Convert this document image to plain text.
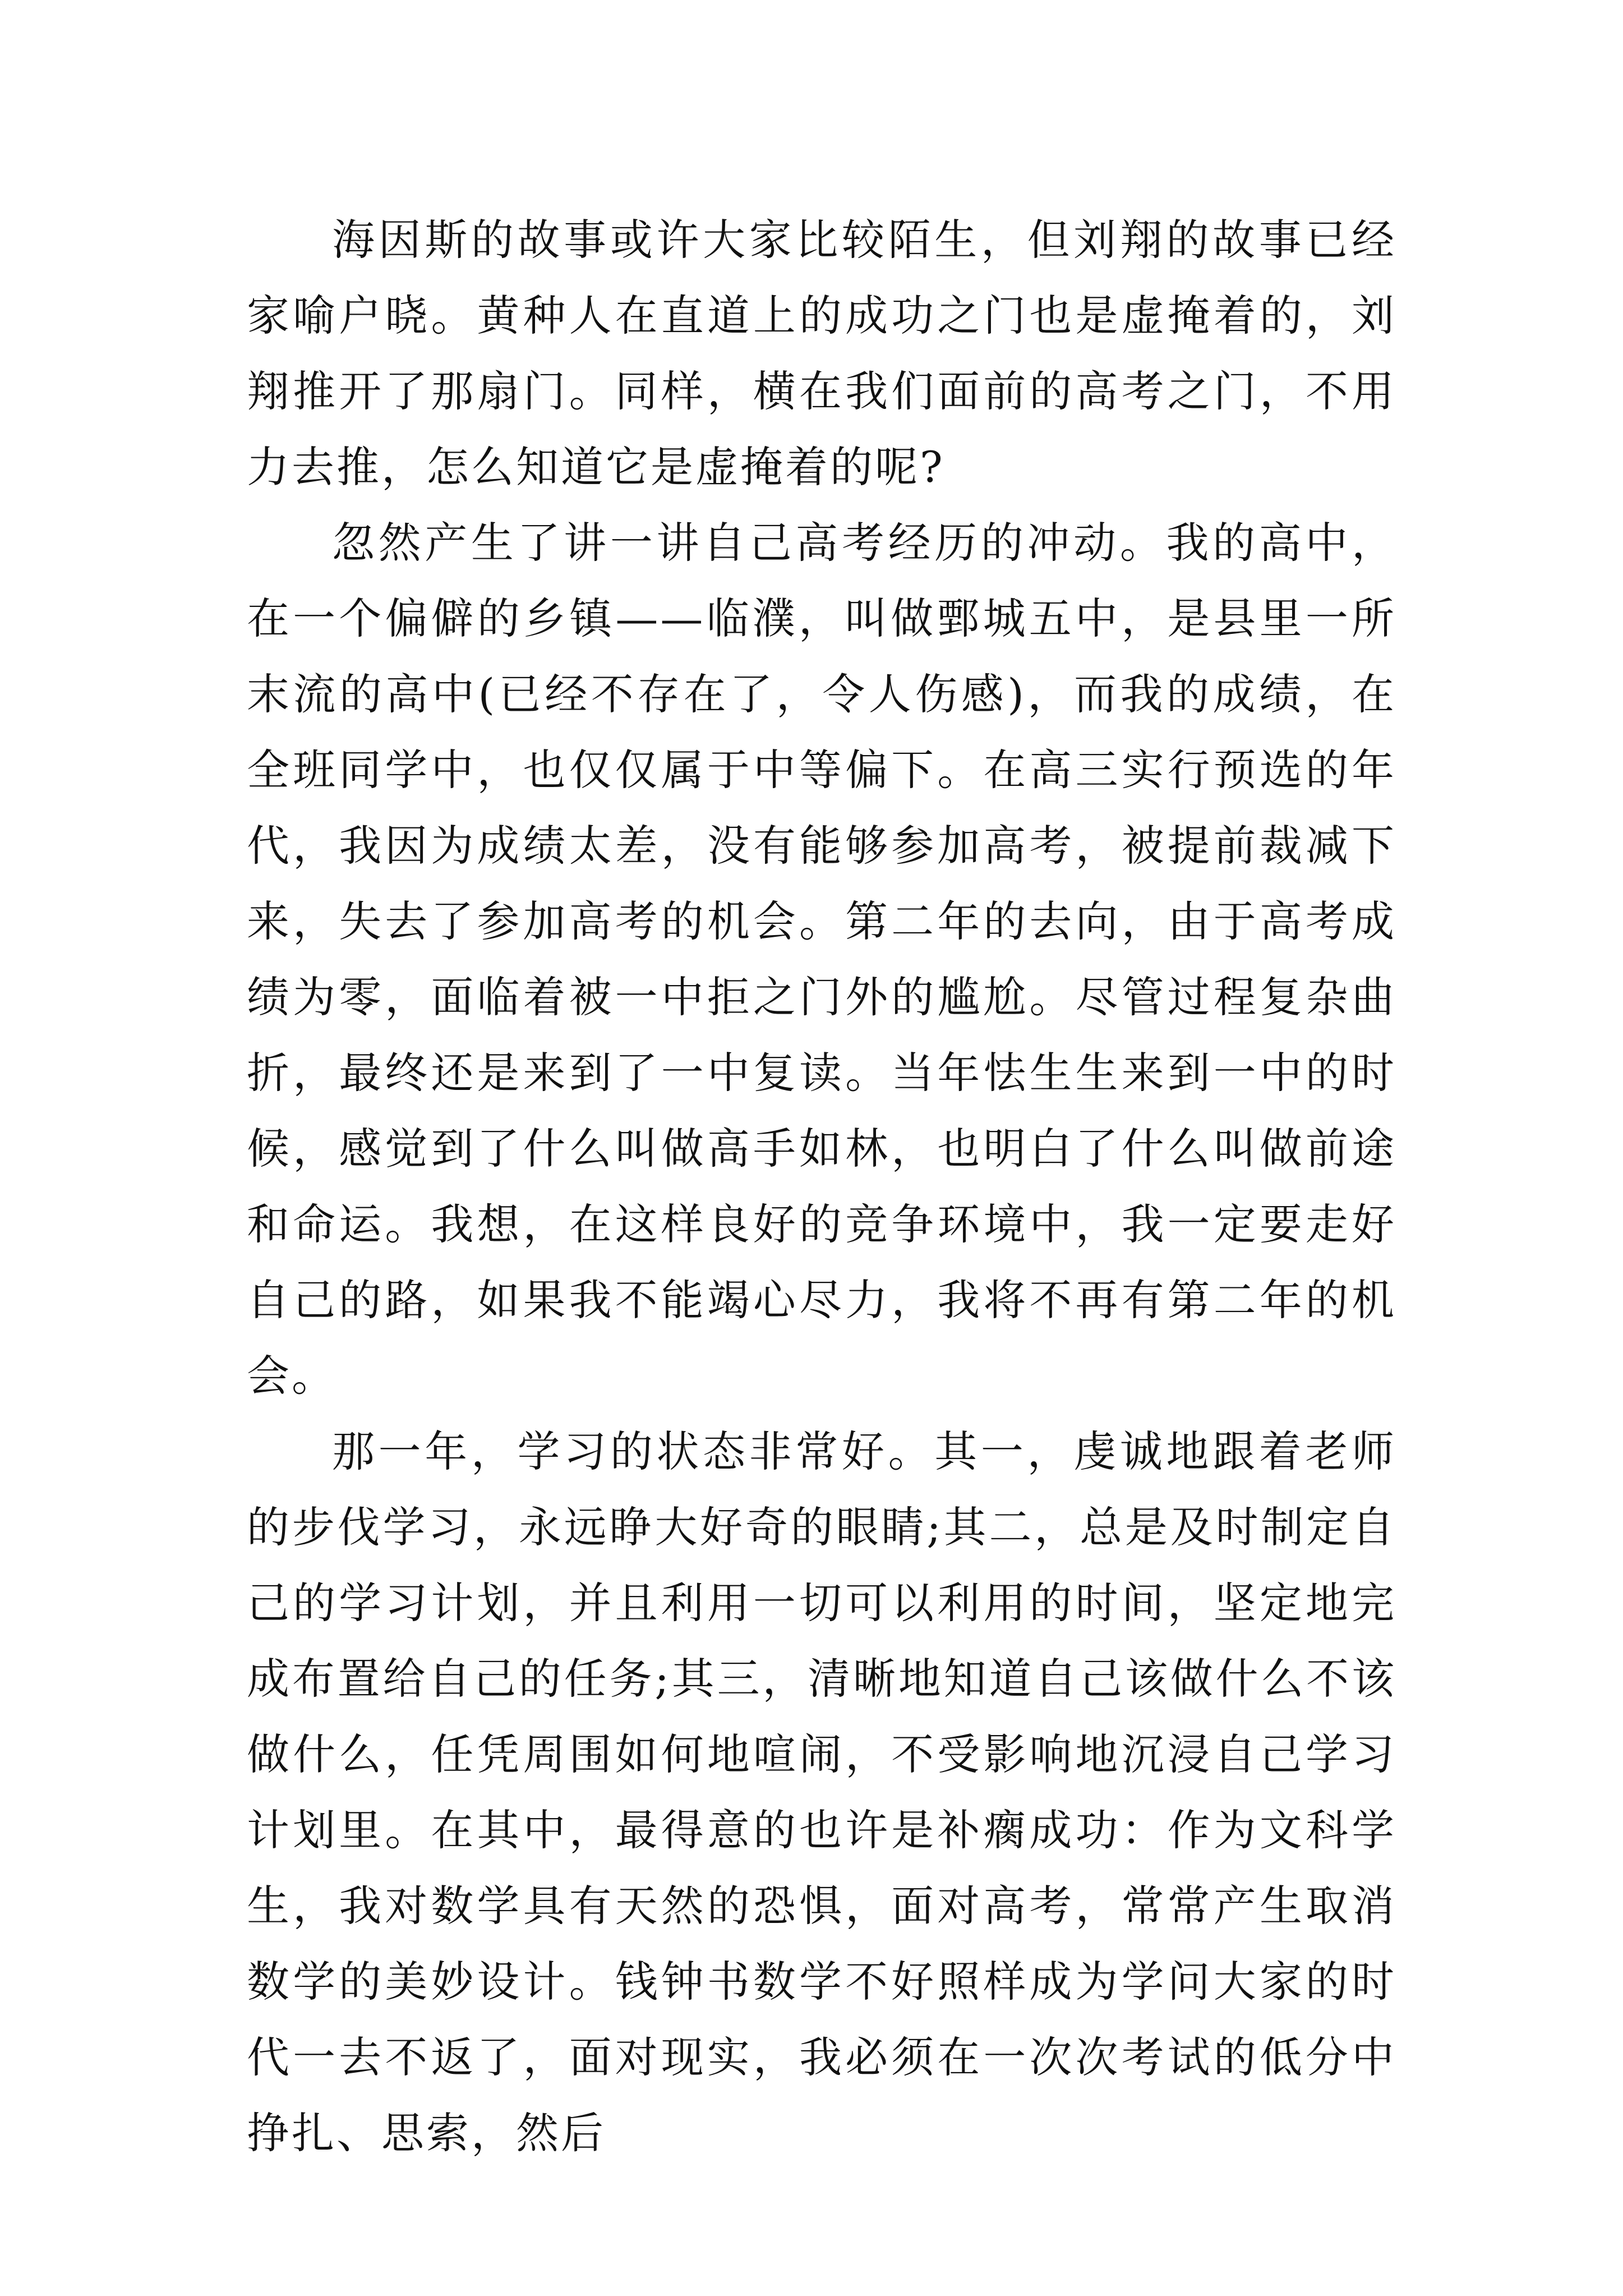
海因斯的故事或许大家比较陌生，但刘翔的故事已经家喻户晓。黄种人在直道上的成功之门也是虚掩着的，刘翔推开了那扇门。同样，横在我们面前的高考之门，不用力去推，怎么知道它是虚掩着的呢?

忽然产生了讲一讲自己高考经历的冲动。我的高中，在一个偏僻的乡镇——临濮，叫做鄄城五中，是县里一所末流的高中(已经不存在了，令人伤感)，而我的成绩，在全班同学中，也仅仅属于中等偏下。在高三实行预选的年代，我因为成绩太差，没有能够参加高考，被提前裁减下来，失去了参加高考的机会。第二年的去向，由于高考成绩为零，面临着被一中拒之门外的尴尬。尽管过程复杂曲折，最终还是来到了一中复读。当年怯生生来到一中的时候，感觉到了什么叫做高手如林，也明白了什么叫做前途和命运。我想，在这样良好的竞争环境中，我一定要走好自己的路，如果我不能竭心尽力，我将不再有第二年的机会。

那一年，学习的状态非常好。其一，虔诚地跟着老师的步伐学习，永远睁大好奇的眼睛;其二，总是及时制定自己的学习计划，并且利用一切可以利用的时间，坚定地完成布置给自己的任务;其三，清晰地知道自己该做什么不该做什么，任凭周围如何地喧闹，不受影响地沉浸自己学习计划里。在其中，最得意的也许是补瘸成功：作为文科学生，我对数学具有天然的恐惧，面对高考，常常产生取消数学的美妙设计。钱钟书数学不好照样成为学问大家的时代一去不返了，面对现实，我必须在一次次考试的低分中挣扎、思索，然后
